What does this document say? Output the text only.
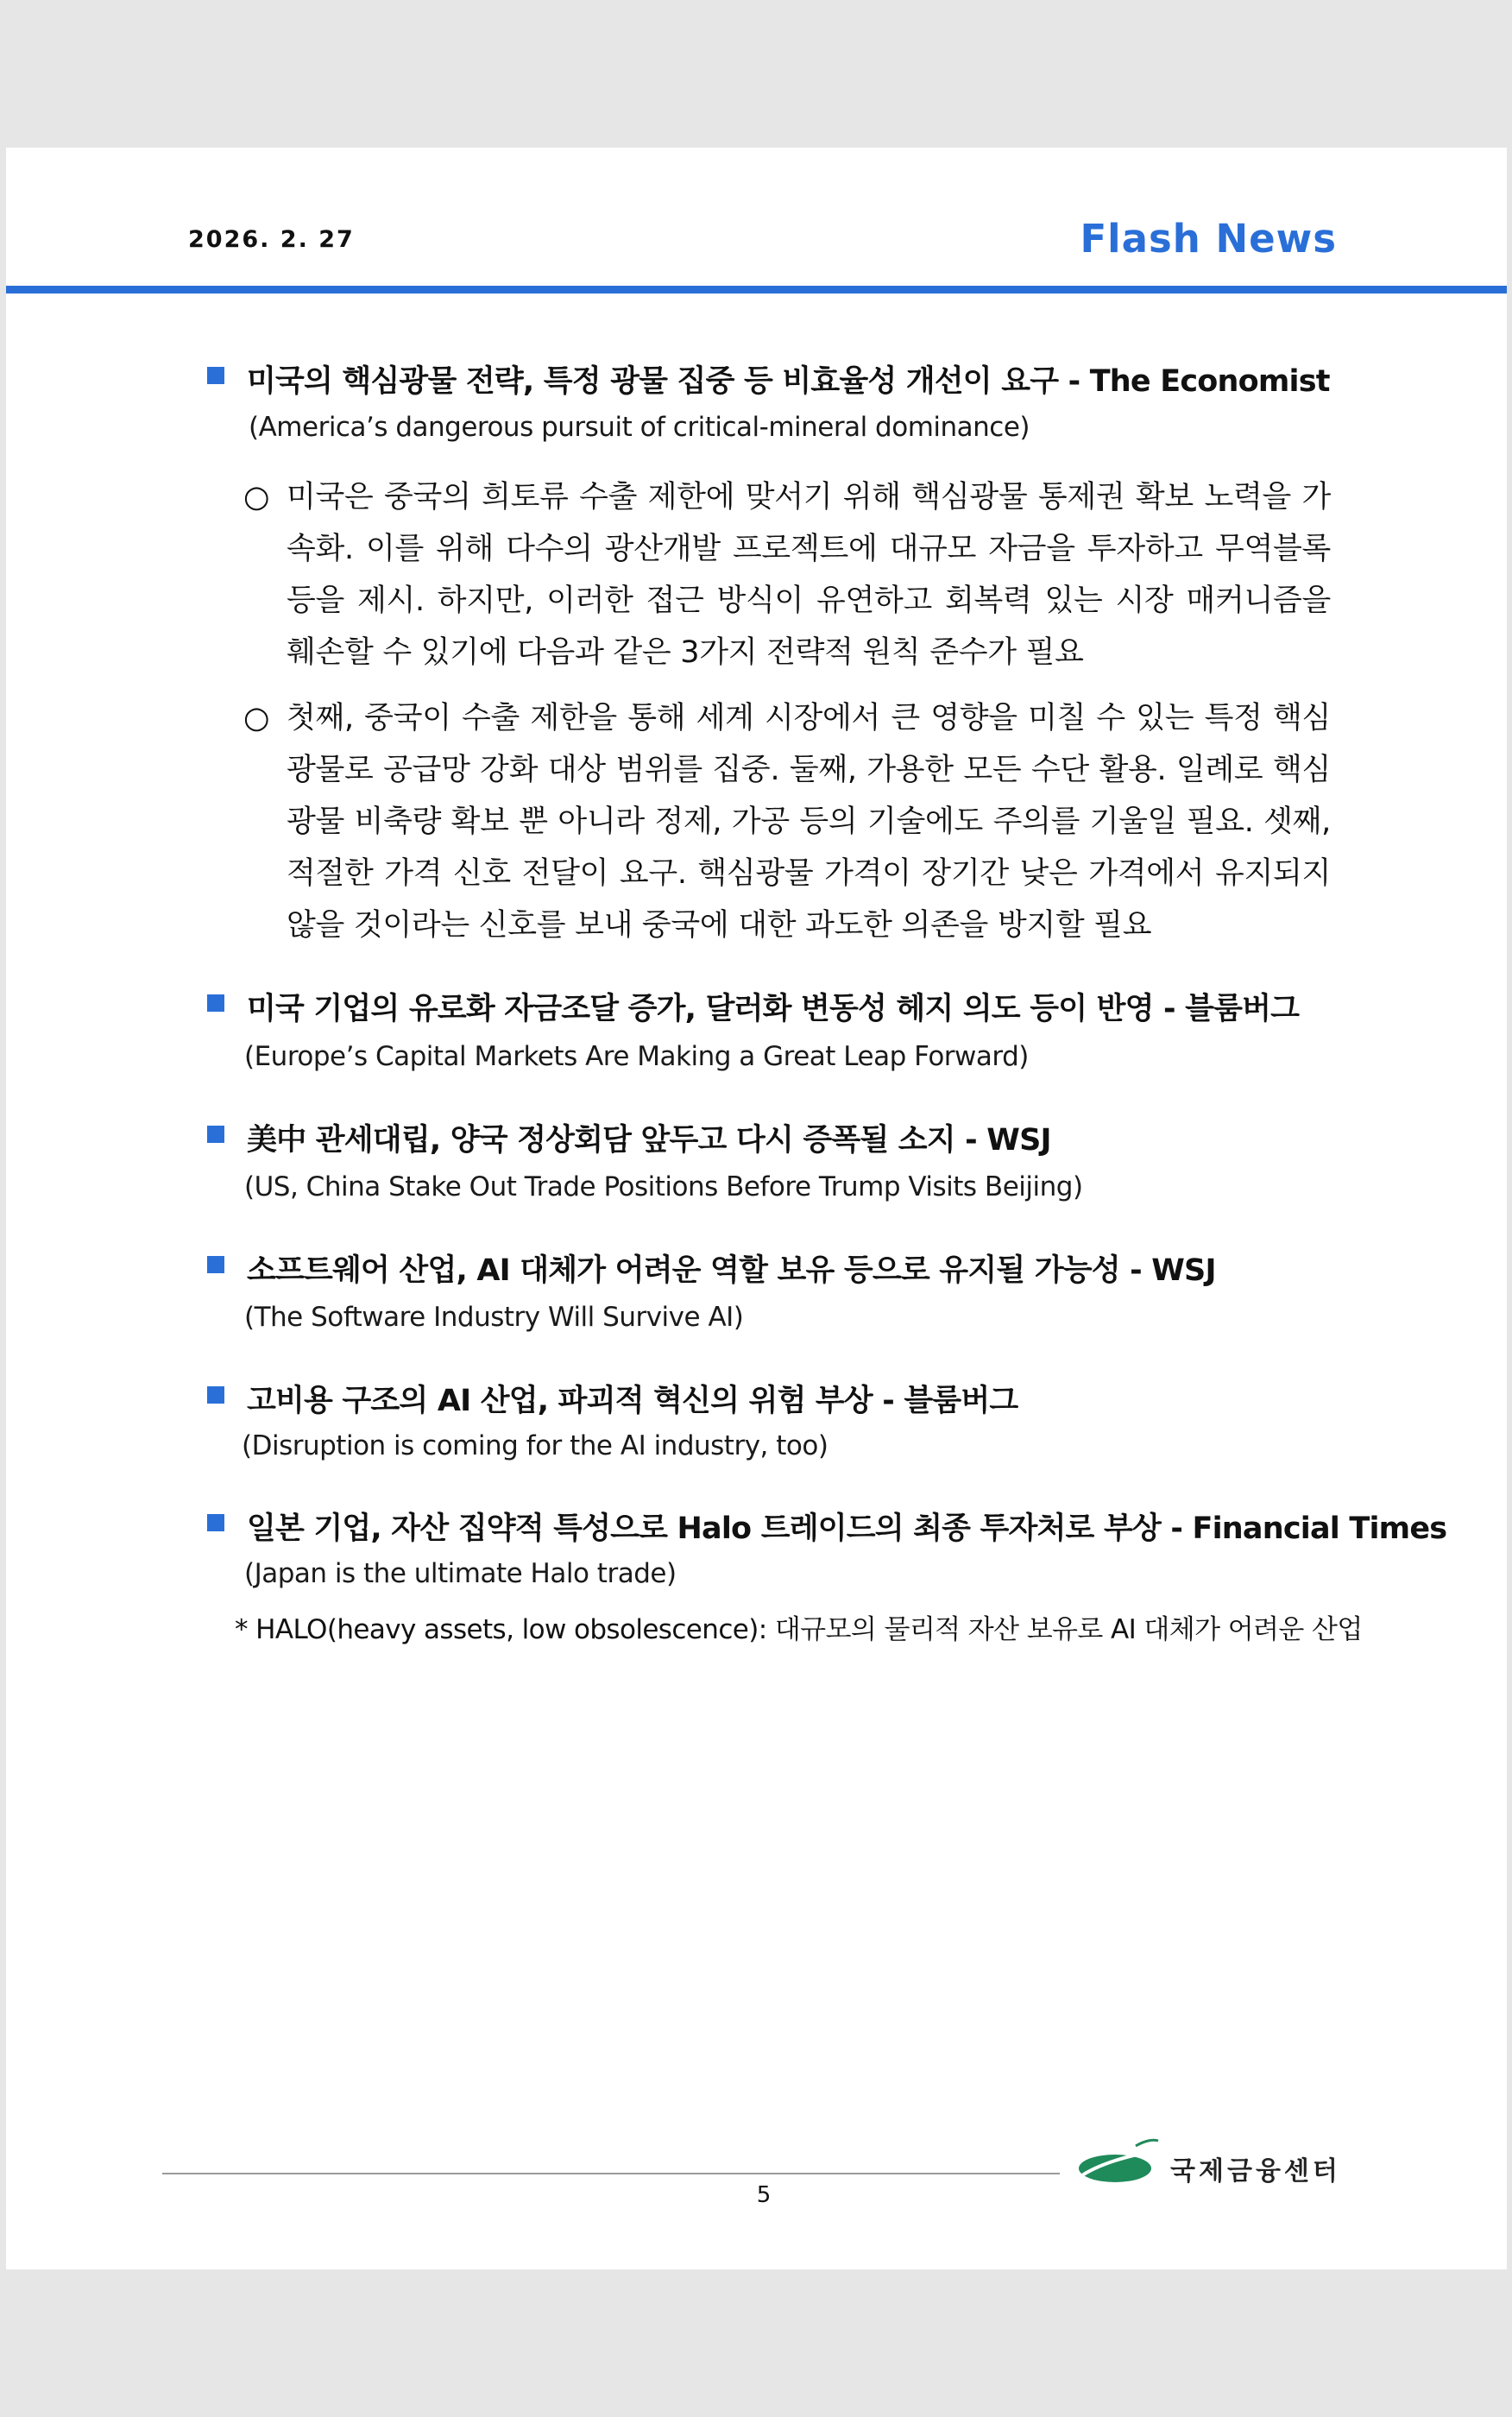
2026. 2. 27	Flash News
미국의 핵심광물 전략, 특정 광물 집중 등 비효율성 개선이 요구 - The Economist
(America’s dangerous pursuit of critical-mineral dominance)
○ 미국은 중국의 희토류 수출 제한에 맞서기 위해 핵심광물 통제권 확보 노력을 가속화. 이를 위해 다수의 광산개발 프로젝트에 대규모 자금을 투자하고 무역블록 등을 제시. 하지만, 이러한 접근 방식이 유연하고 회복력 있는 시장 매커니즘을 훼손할 수 있기에 다음과 같은 3가지 전략적 원칙 준수가 필요
○ 첫째, 중국이 수출 제한을 통해 세계 시장에서 큰 영향을 미칠 수 있는 특정 핵심광물로 공급망 강화 대상 범위를 집중. 둘째, 가용한 모든 수단 활용. 일례로 핵심광물 비축량 확보 뿐 아니라 정제, 가공 등의 기술에도 주의를 기울일 필요. 셋째, 적절한 가격 신호 전달이 요구. 핵심광물 가격이 장기간 낮은 가격에서 유지되지 않을 것이라는 신호를 보내 중국에 대한 과도한 의존을 방지할 필요
미국 기업의 유로화 자금조달 증가, 달러화 변동성 헤지 의도 등이 반영 - 블룸버그
(Europe’s Capital Markets Are Making a Great Leap Forward)
美中 관세대립, 양국 정상회담 앞두고 다시 증폭될 소지 - WSJ
(US, China Stake Out Trade Positions Before Trump Visits Beijing)
소프트웨어 산업, AI 대체가 어려운 역할 보유 등으로 유지될 가능성 - WSJ
(The Software Industry Will Survive AI)
고비용 구조의 AI 산업, 파괴적 혁신의 위험 부상 - 블룸버그
(Disruption is coming for the AI industry, too)
일본 기업, 자산 집약적 특성으로 Halo 트레이드의 최종 투자처로 부상 - Financial Times
(Japan is the ultimate Halo trade)
* HALO(heavy assets, low obsolescence): 대규모의 물리적 자산 보유로 AI 대체가 어려운 산업
5
국제금융센터
